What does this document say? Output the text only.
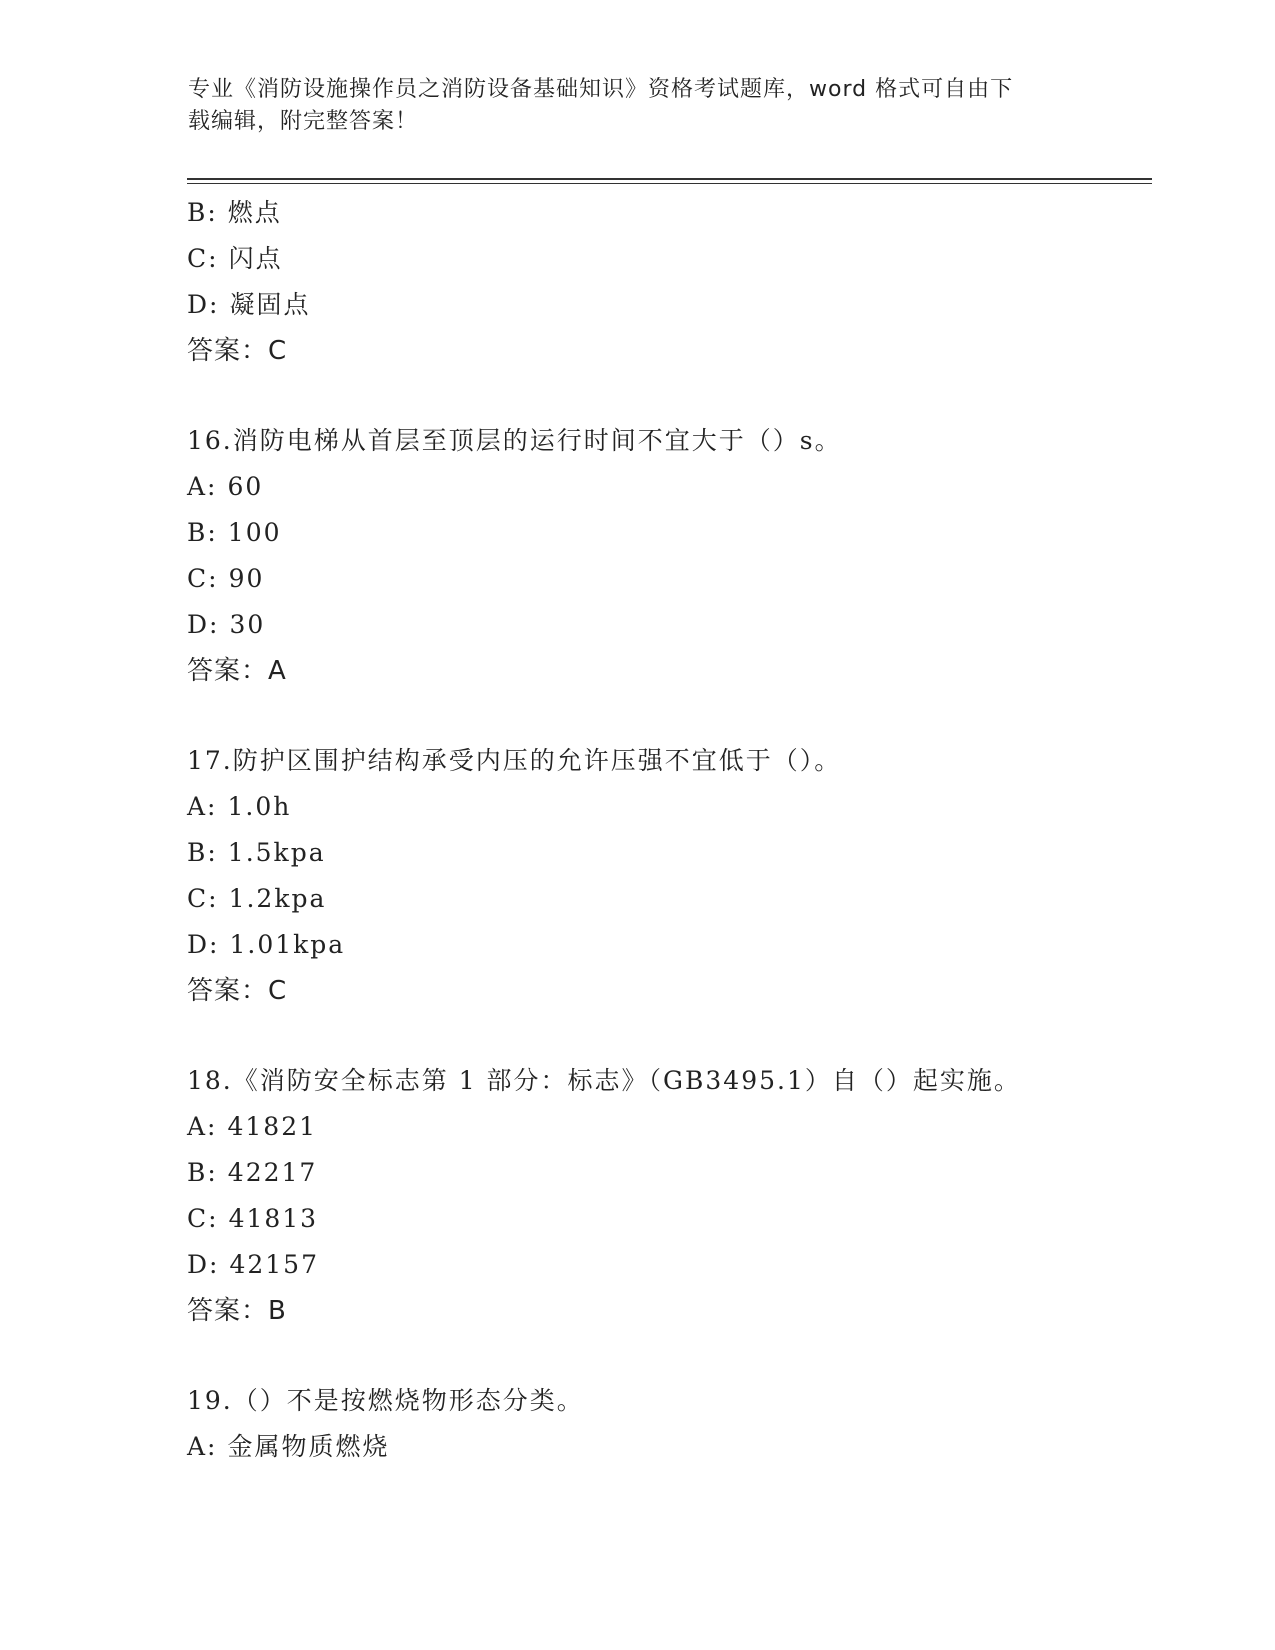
专业《消防设施操作员之消防设备基础知识》资格考试题库，word 格式可自由下
载编辑，附完整答案！
B: 燃点
C: 闪点
D: 凝固点
答案：C
16.消防电梯从首层至顶层的运行时间不宜大于（）s。
A: 60
B: 100
C: 90
D: 30
答案：A
17.防护区围护结构承受内压的允许压强不宜低于（）。
A: 1.0h
B: 1.5kpa
C: 1.2kpa
D: 1.01kpa
答案：C
18.《消防安全标志第 1 部分：标志》（GB3495.1）自（）起实施。
A: 41821
B: 42217
C: 41813
D: 42157
答案：B
19.（）不是按燃烧物形态分类。
A: 金属物质燃烧
